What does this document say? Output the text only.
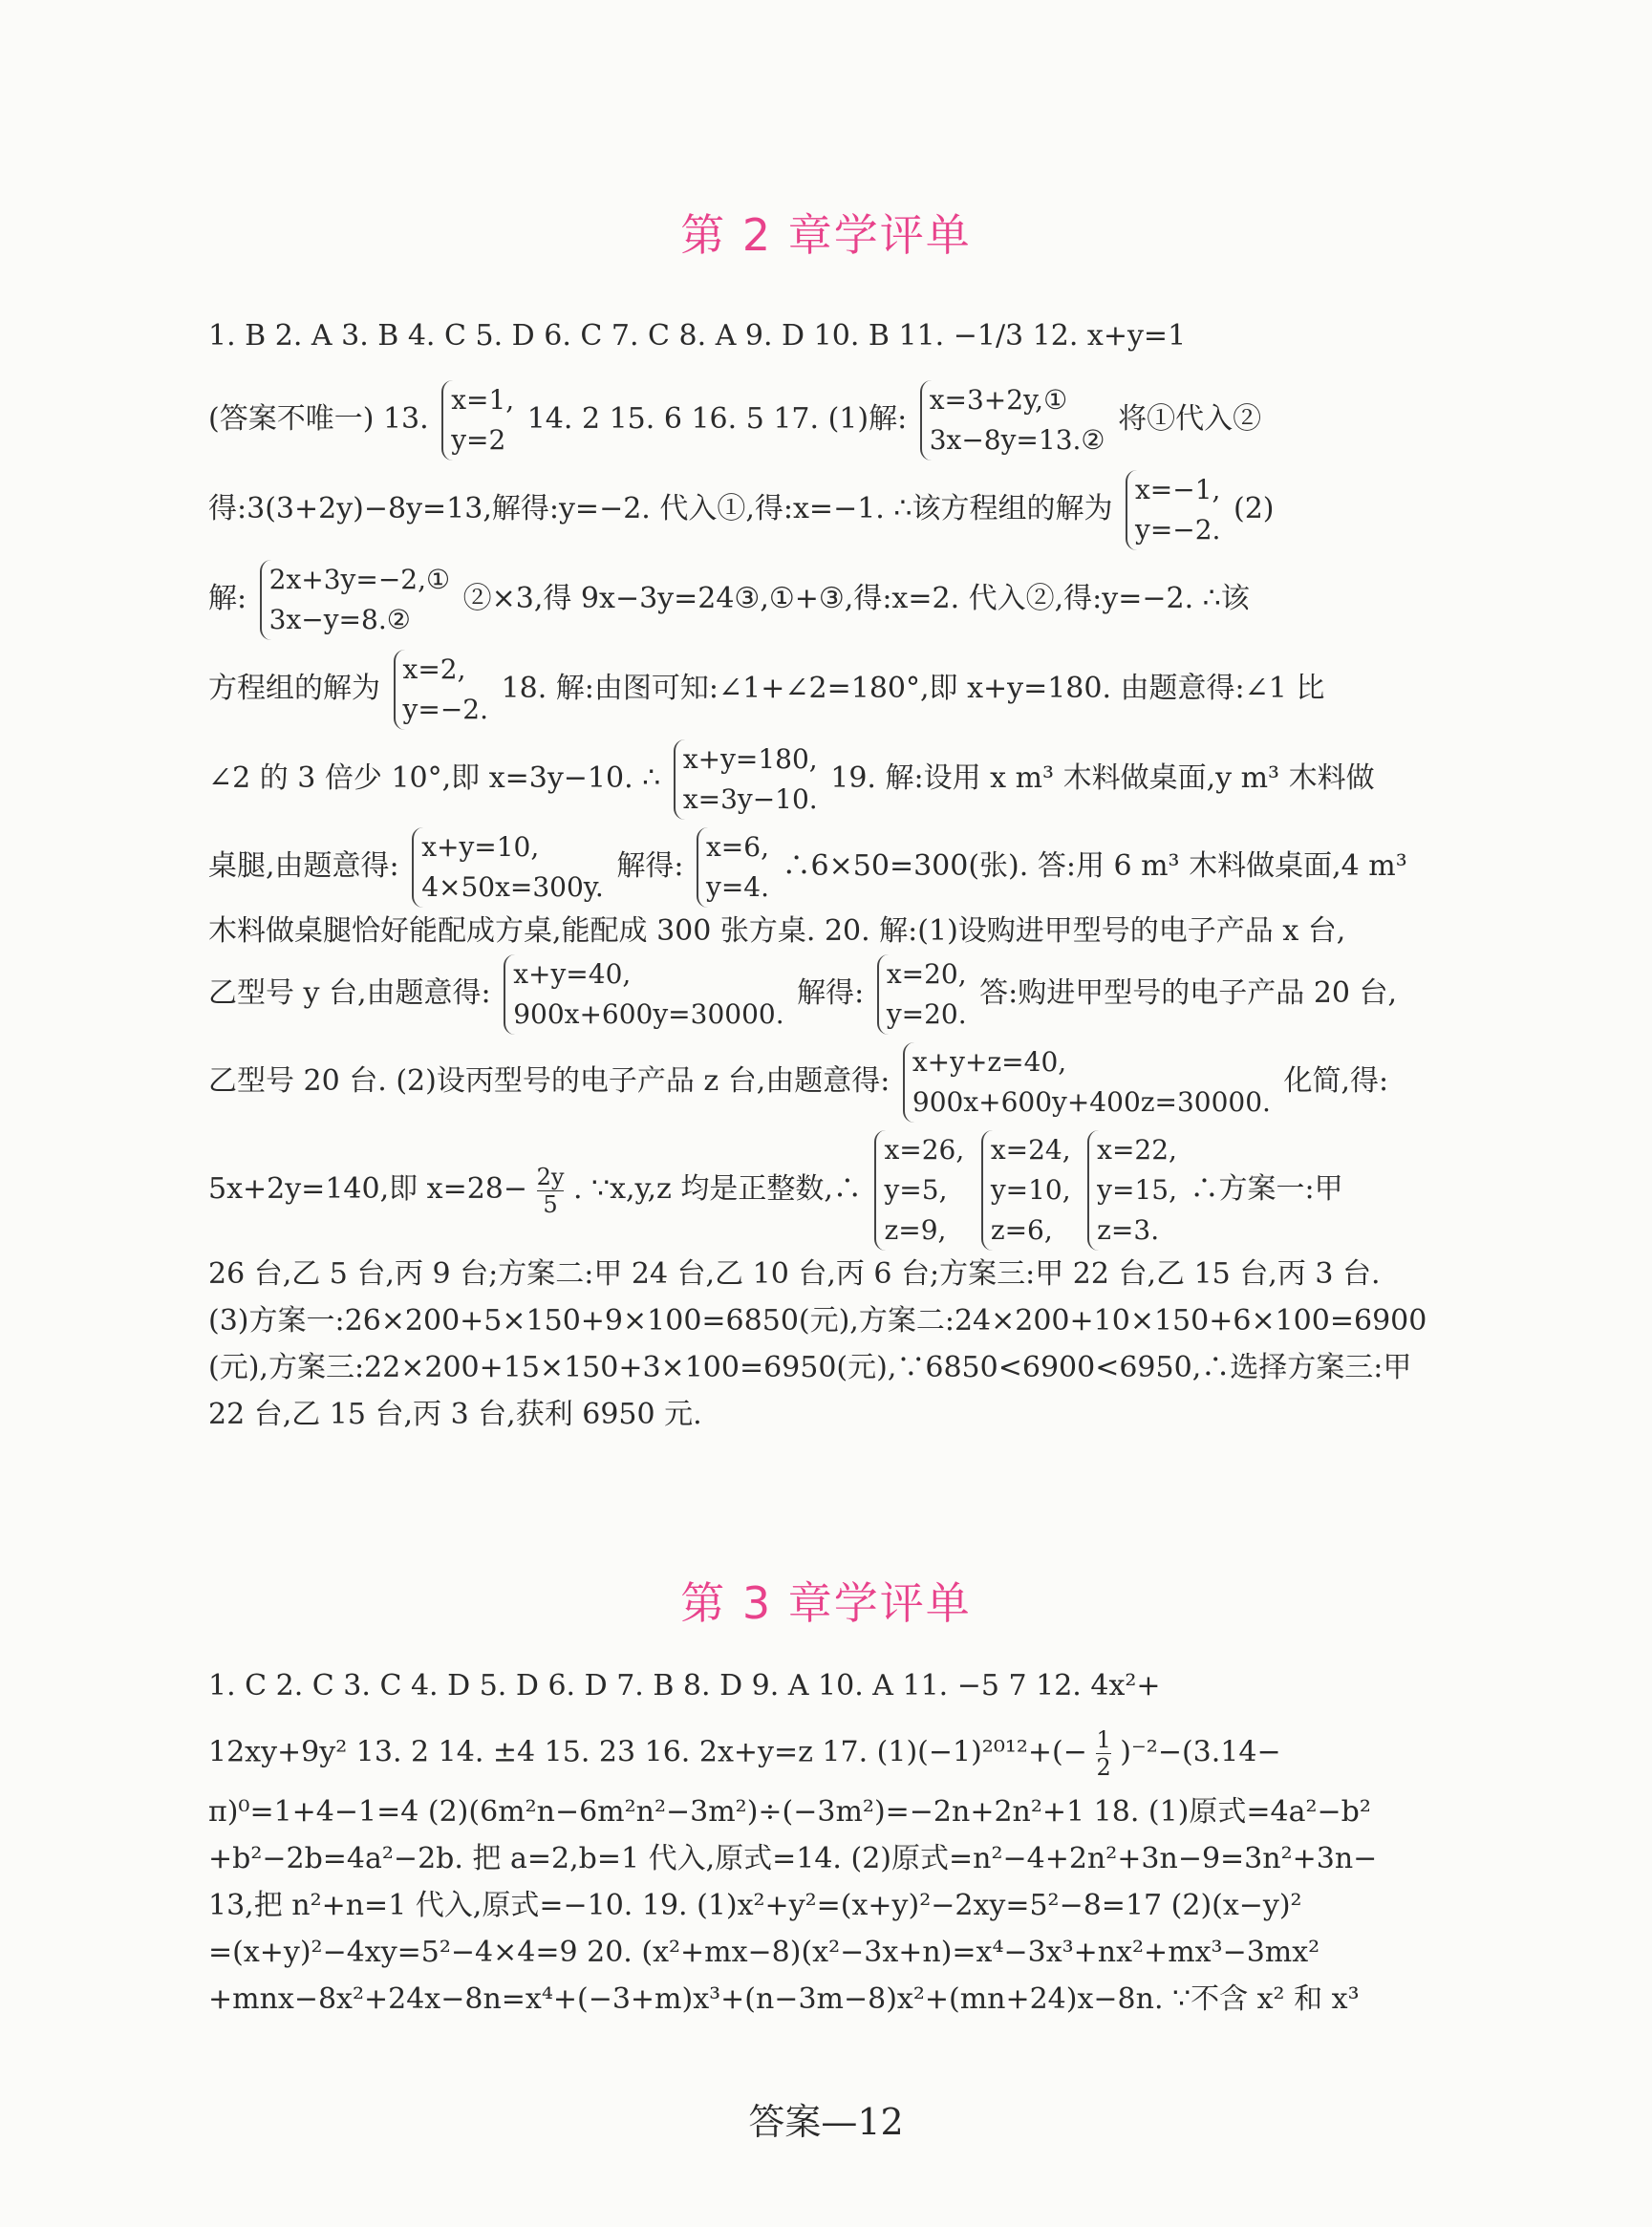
第 2 章学评单

1. B 2. A 3. B 4. C 5. D 6. C 7. C 8. A 9. D 10. B 11. −1/3 12. x+y=1

(答案不唯一) 13.
x=1,
y=2
14. 2 15. 6 16. 5 17. (1)解:
x=3+2y,①
3x−8y=13.②
将①代入②

得:3(3+2y)−8y=13,解得:y=−2. 代入①,得:x=−1. ∴该方程组的解为
x=−1,
y=−2.
(2)

解:
2x+3y=−2,①
3x−y=8.②
②×3,得 9x−3y=24③,①+③,得:x=2. 代入②,得:y=−2. ∴该

方程组的解为
x=2,
y=−2.
18. 解:由图可知:∠1+∠2=180°,即 x+y=180. 由题意得:∠1 比

∠2 的 3 倍少 10°,即 x=3y−10. ∴
x+y=180,
x=3y−10.
19. 解:设用 x m³ 木料做桌面,y m³ 木料做

桌腿,由题意得:
x+y=10,
4×50x=300y.
解得:
x=6,
y=4.
∴6×50=300(张). 答:用 6 m³ 木料做桌面,4 m³

木料做桌腿恰好能配成方桌,能配成 300 张方桌. 20. 解:(1)设购进甲型号的电子产品 x 台,

乙型号 y 台,由题意得:
x+y=40,
900x+600y=30000.
解得:
x=20,
y=20.
答:购进甲型号的电子产品 20 台,

乙型号 20 台. (2)设丙型号的电子产品 z 台,由题意得:
x+y+z=40,
900x+600y+400z=30000.
化简,得:

5x+2y=140,即 $x=28- \frac{2y}{5}$ . ∵x,y,z 均是正整数,∴
x=26,
y=5,
z=9,

x=24,
y=10,
z=6,

x=22,
y=15,
z=3.
∴方案一:甲

26 台,乙 5 台,丙 9 台;方案二:甲 24 台,乙 10 台,丙 6 台;方案三:甲 22 台,乙 15 台,丙 3 台.

(3)方案一:26×200+5×150+9×100=6850(元),方案二:24×200+10×150+6×100=6900

(元),方案三:22×200+15×150+3×100=6950(元),∵6850<6900<6950,∴选择方案三:甲

22 台,乙 15 台,丙 3 台,获利 6950 元.

第 3 章学评单

1. C 2. C 3. C 4. D 5. D 6. D 7. B 8. D 9. A 10. A 11. −5 7 12. 4x²+

12xy+9y² 13. 2 14. ±4 15. 23 16. 2x+y=z 17. $(1)(-1)^{2012}+(- \frac{1}{2} )^{-2}-(3.14-$

π)⁰=1+4−1=4 (2)(6m²n−6m²n²−3m²)÷(−3m²)=−2n+2n²+1 18. (1)原式=4a²−b²

+b²−2b=4a²−2b. 把 a=2,b=1 代入,原式=14. (2)原式=n²−4+2n²+3n−9=3n²+3n−

13,把 n²+n=1 代入,原式=−10. 19. (1)x²+y²=(x+y)²−2xy=5²−8=17 (2)(x−y)²

=(x+y)²−4xy=5²−4×4=9 20. (x²+mx−8)(x²−3x+n)=x⁴−3x³+nx²+mx³−3mx²

+mnx−8x²+24x−8n=x⁴+(−3+m)x³+(n−3m−8)x²+(mn+24)x−8n. ∵不含 x² 和 x³

答案—12
